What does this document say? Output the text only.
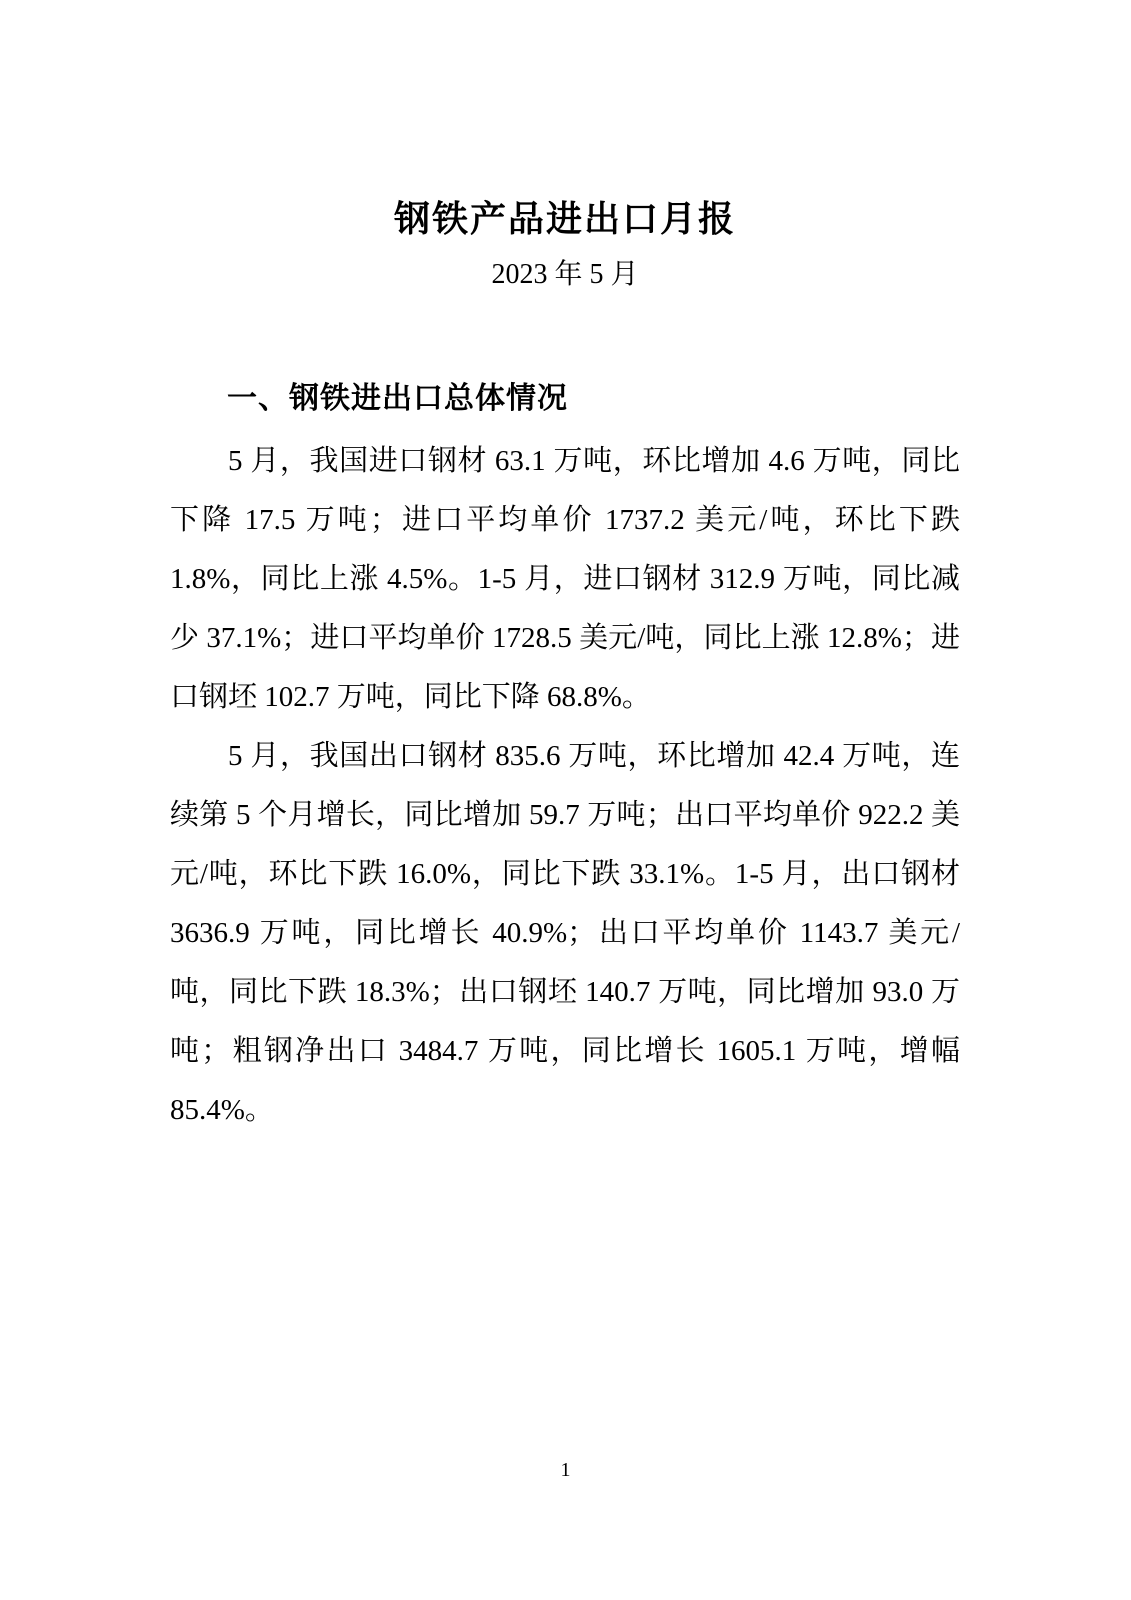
钢铁产品进出口月报
2023 年 5 月
一、钢铁进出口总体情况

5 月，我国进口钢材 63.1 万吨，环比增加 4.6 万吨，同比下降 17.5 万吨；进口平均单价 1737.2 美元/吨，环比下跌 1.8%，同比上涨 4.5%。1-5 月，进口钢材 312.9 万吨，同比减少 37.1%；进口平均单价 1728.5 美元/吨，同比上涨 12.8%；进口钢坯 102.7 万吨，同比下降 68.8%。

5 月，我国出口钢材 835.6 万吨，环比增加 42.4 万吨，连续第 5 个月增长，同比增加 59.7 万吨；出口平均单价 922.2 美元/吨，环比下跌 16.0%，同比下跌 33.1%。1-5 月，出口钢材 3636.9 万吨，同比增长 40.9%；出口平均单价 1143.7 美元/吨，同比下跌 18.3%；出口钢坯 140.7 万吨，同比增加 93.0 万吨；粗钢净出口 3484.7 万吨，同比增长 1605.1 万吨，增幅 85.4%。

1
